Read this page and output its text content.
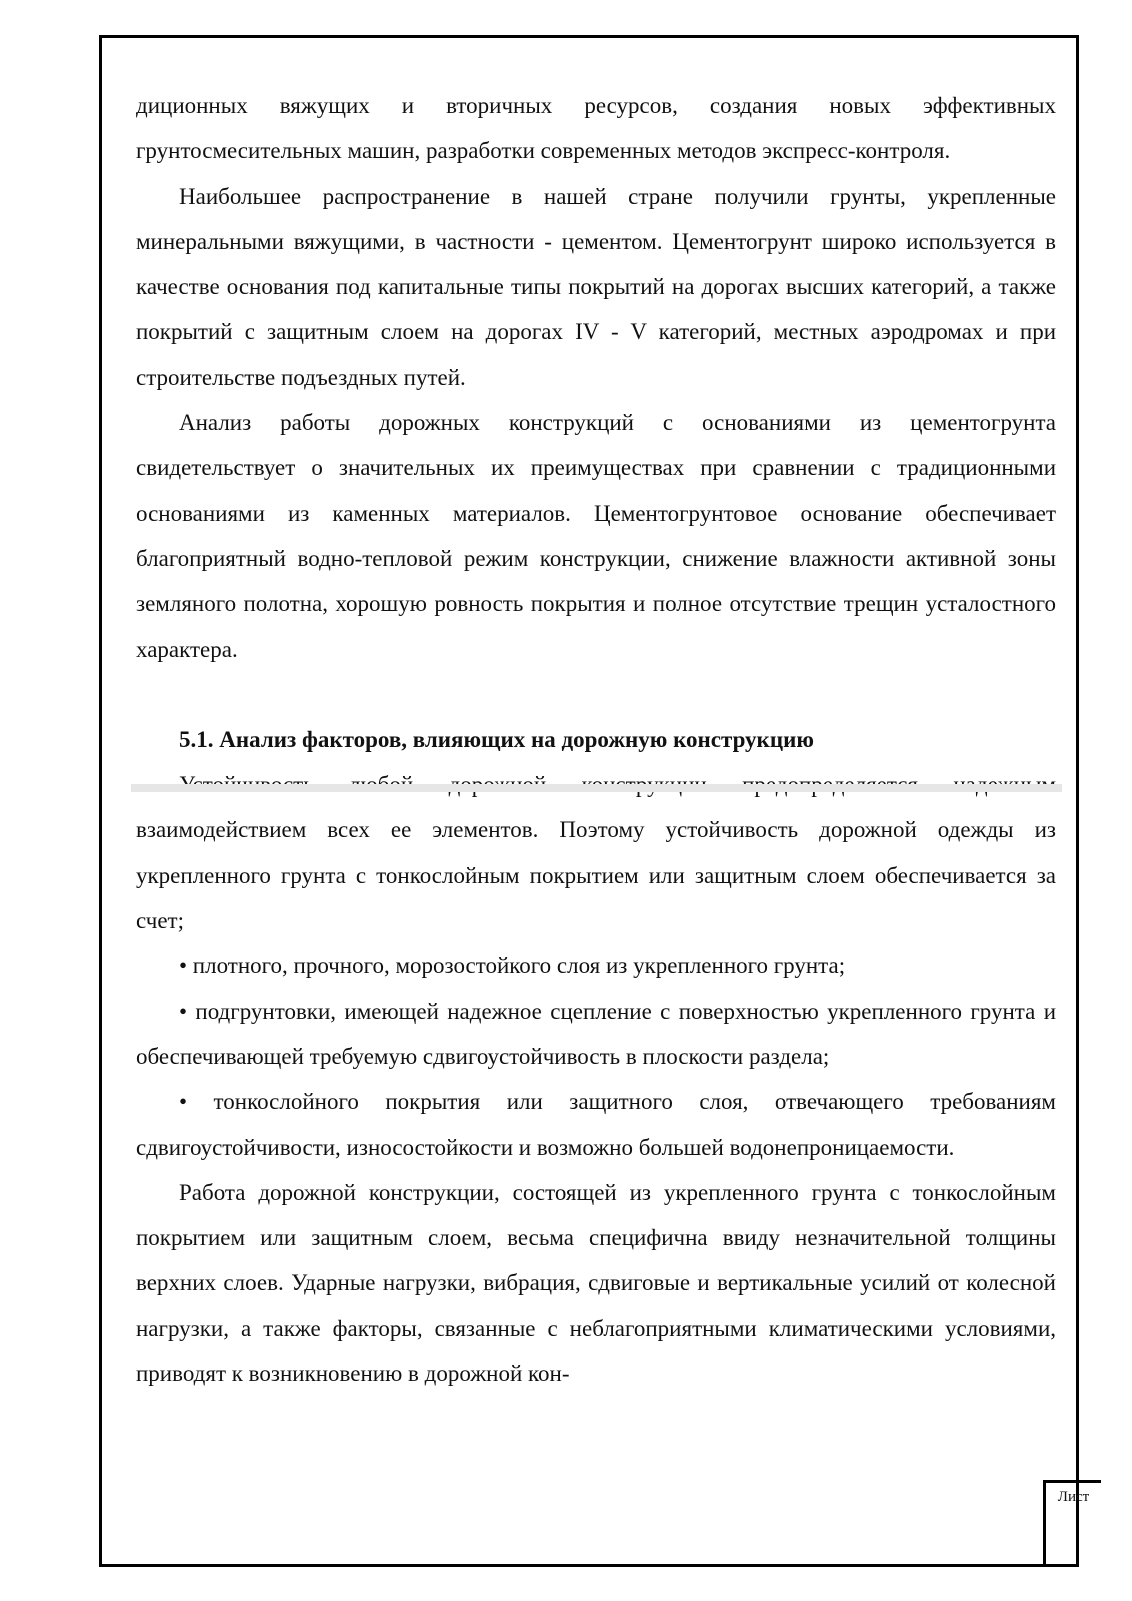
диционных вяжущих и вторичных ресурсов, создания новых эффективных грунтосмесительных машин, разработки современных методов экспресс-контроля.

Наибольшее распространение в нашей стране получили грунты, укрепленные минеральными вяжущими, в частности - цементом. Цементогрунт широко используется в качестве основания под капитальные типы покрытий на дорогах высших категорий, а также покрытий с защитным слоем на дорогах IV - V категорий, местных аэродромах и при строительстве подъездных путей.

Анализ работы дорожных конструкций с основаниями из цементогрунта свидетельствует о значительных их преимуществах при сравнении с традиционными основаниями из каменных материалов. Цементогрунтовое основание обеспечивает благоприятный водно-тепловой режим конструкции, снижение влажности активной зоны земляного полотна, хорошую ровность покрытия и полное отсутствие трещин усталостного характера.

5.1. Анализ факторов, влияющих на дорожную конструкцию

взаимодействием всех ее элементов. Поэтому устойчивость дорожной одежды из укрепленного грунта с тонкослойным покрытием или защитным слоем обеспечивается за счет;

• плотного, прочного, морозостойкого слоя из укрепленного грунта;

• подгрунтовки, имеющей надежное сцепление с поверхностью укрепленного грунта и обеспечивающей требуемую сдвигоустойчивость в плоскости раздела;

• тонкослойного покрытия или защитного слоя, отвечающего требованиям сдвигоустойчивости, износостойкости и возможно большей водонепроницаемости.

Работа дорожной конструкции, состоящей из укрепленного грунта с тонкослойным покрытием или защитным слоем, весьма специфична ввиду незначительной толщины верхних слоев. Ударные нагрузки, вибрация, сдвиговые и вертикальные усилий от колесной нагрузки, а также факторы, связанные с неблагоприятными климатическими условиями, приводят к возникновению в дорожной кон-

Лист
